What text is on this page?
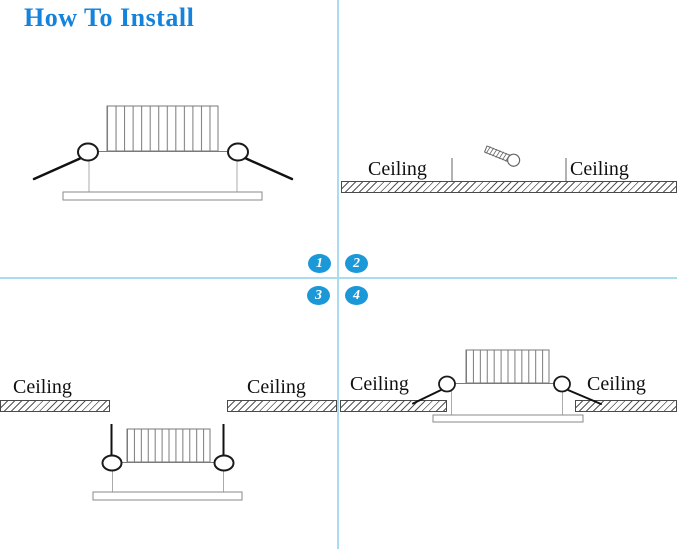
How To Install
Ceiling	Ceiling
Ceiling	Ceiling Ceiling	Ceiling
1 2
3 4
